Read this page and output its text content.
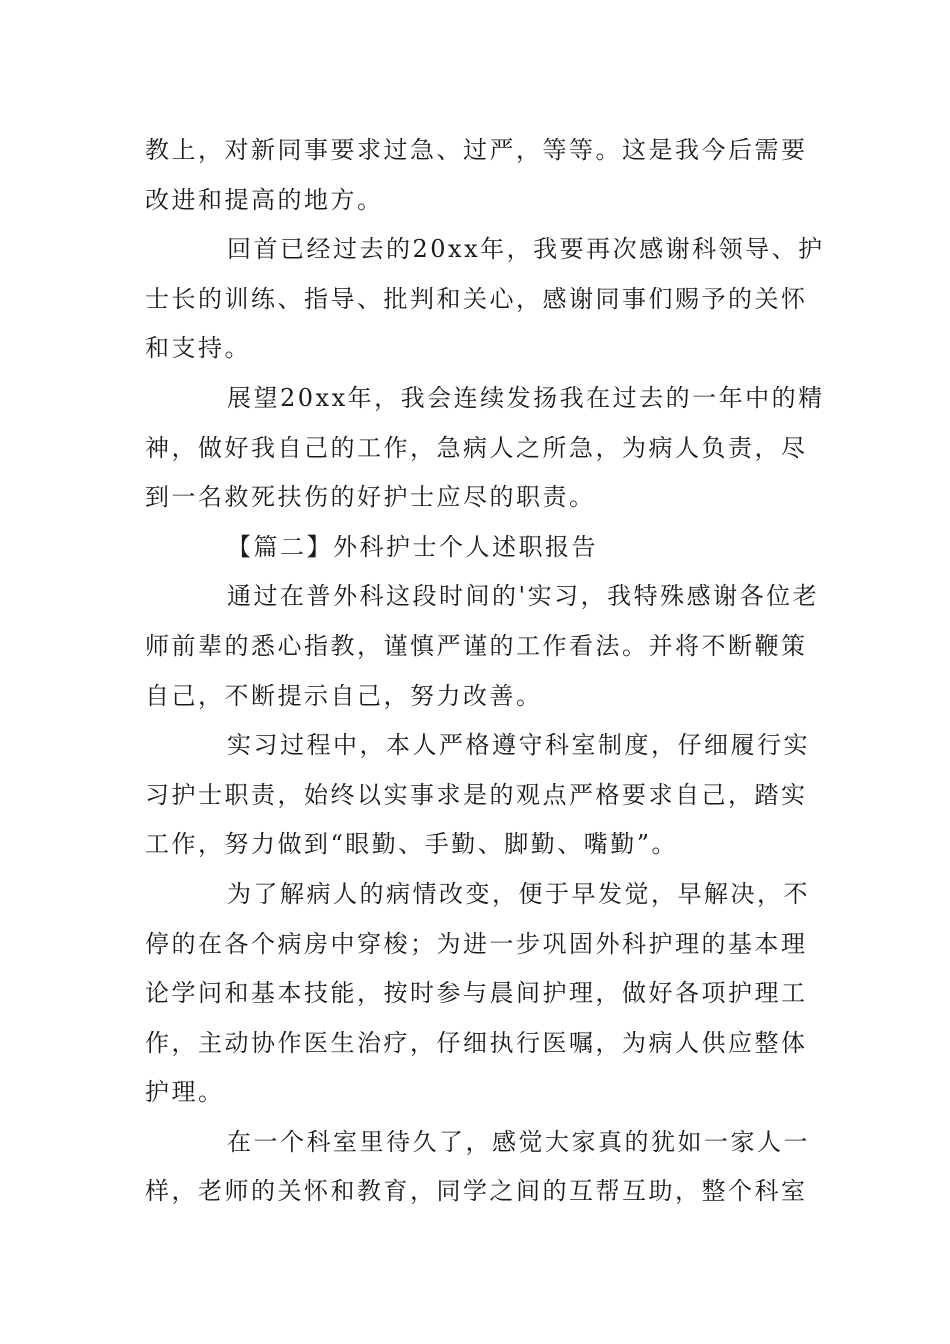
教上，对新同事要求过急、过严，等等。这是我今后需要
改进和提高的地方。
回首已经过去的20xx年，我要再次感谢科领导、护
士长的训练、指导、批判和关心，感谢同事们赐予的关怀
和支持。
展望20xx年，我会连续发扬我在过去的一年中的精
神，做好我自己的工作，急病人之所急，为病人负责，尽
到一名救死扶伤的好护士应尽的职责。
【篇二】外科护士个人述职报告
通过在普外科这段时间的'实习，我特殊感谢各位老
师前辈的悉心指教，谨慎严谨的工作看法。并将不断鞭策
自己，不断提示自己，努力改善。
实习过程中，本人严格遵守科室制度，仔细履行实
习护士职责，始终以实事求是的观点严格要求自己，踏实
工作，努力做到“眼勤、手勤、脚勤、嘴勤”。
为了解病人的病情改变，便于早发觉，早解决，不
停的在各个病房中穿梭；为进一步巩固外科护理的基本理
论学问和基本技能，按时参与晨间护理，做好各项护理工
作，主动协作医生治疗，仔细执行医嘱，为病人供应整体
护理。
在一个科室里待久了，感觉大家真的犹如一家人一
样，老师的关怀和教育，同学之间的互帮互助，整个科室
